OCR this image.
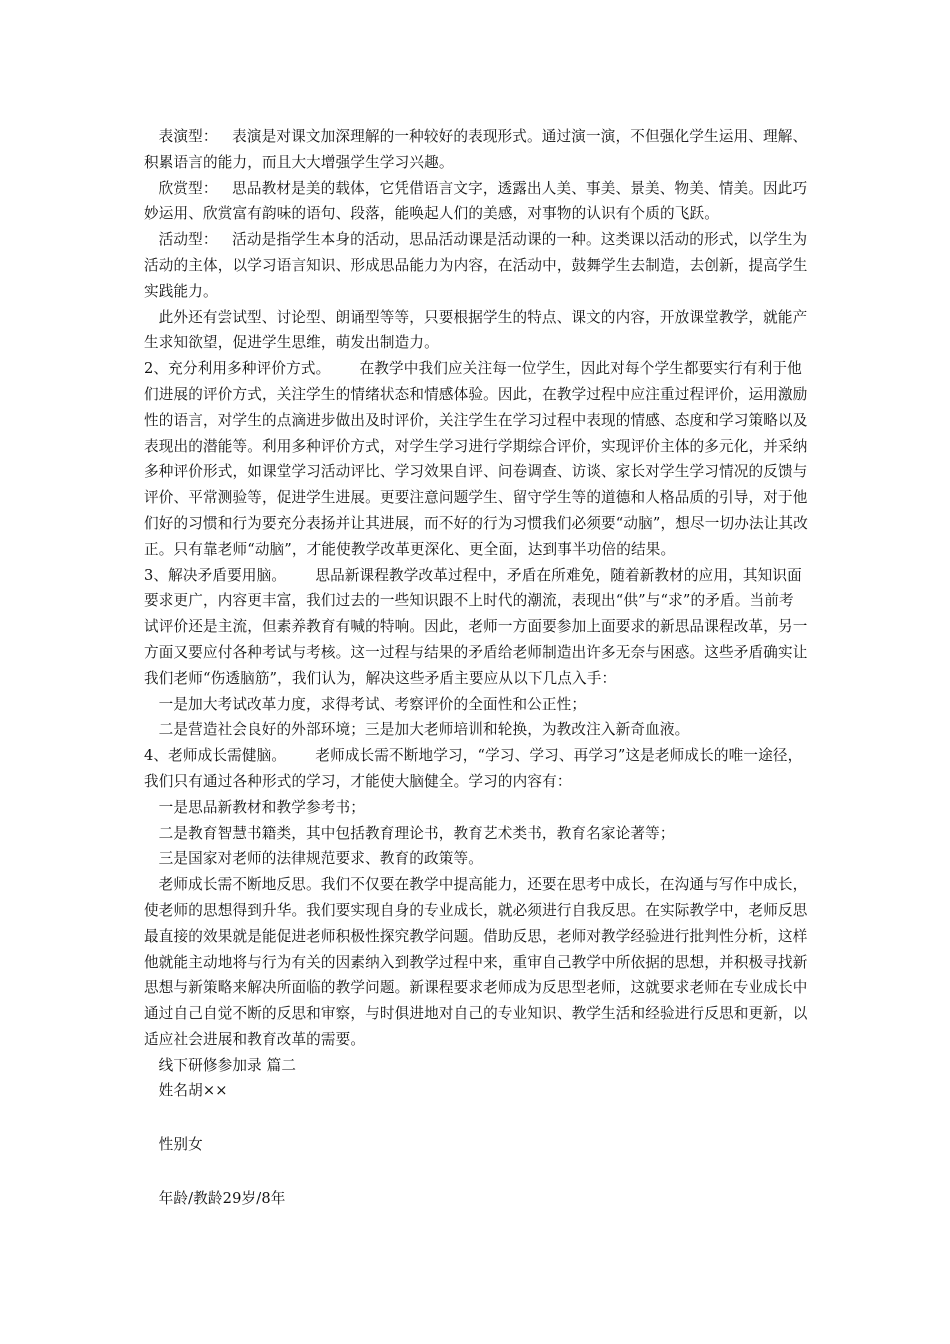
表演型： 表演是对课文加深理解的一种较好的表现形式。通过演一演，不但强化学生运用、理解、积累语言的能力，而且大大增强学生学习兴趣。

欣赏型： 思品教材是美的载体，它凭借语言文字，透露出人美、事美、景美、物美、情美。因此巧妙运用、欣赏富有韵味的语句、段落，能唤起人们的美感，对事物的认识有个质的飞跃。

活动型： 活动是指学生本身的活动，思品活动课是活动课的一种。这类课以活动的形式，以学生为活动的主体，以学习语言知识、形成思品能力为内容，在活动中，鼓舞学生去制造，去创新，提高学生实践能力。

此外还有尝试型、讨论型、朗诵型等等，只要根据学生的特点、课文的内容，开放课堂教学，就能产生求知欲望，促进学生思维，萌发出制造力。

2、充分利用多种评价方式。 在教学中我们应关注每一位学生，因此对每个学生都要实行有利于他们进展的评价方式，关注学生的情绪状态和情感体验。因此，在教学过程中应注重过程评价，运用激励性的语言，对学生的点滴进步做出及时评价，关注学生在学习过程中表现的情感、态度和学习策略以及表现出的潜能等。利用多种评价方式，对学生学习进行学期综合评价，实现评价主体的多元化，并采纳多种评价形式，如课堂学习活动评比、学习效果自评、问卷调查、访谈、家长对学生学习情况的反馈与评价、平常测验等，促进学生进展。更要注意问题学生、留守学生等的道德和人格品质的引导，对于他们好的习惯和行为要充分表扬并让其进展，而不好的行为习惯我们必须要“动脑”，想尽一切办法让其改正。只有靠老师“动脑”，才能使教学改革更深化、更全面，达到事半功倍的结果。

3、解决矛盾要用脑。 思品新课程教学改革过程中，矛盾在所难免，随着新教材的应用，其知识面要求更广，内容更丰富，我们过去的一些知识跟不上时代的潮流，表现出“供”与“求”的矛盾。当前考试评价还是主流，但素养教育有喊的特响。因此，老师一方面要参加上面要求的新思品课程改革，另一方面又要应付各种考试与考核。这一过程与结果的矛盾给老师制造出许多无奈与困惑。这些矛盾确实让我们老师“伤透脑筋”，我们认为，解决这些矛盾主要应从以下几点入手：

一是加大考试改革力度，求得考试、考察评价的全面性和公正性；

二是营造社会良好的外部环境；三是加大老师培训和轮换，为教改注入新奇血液。

4、老师成长需健脑。 老师成长需不断地学习，“学习、学习、再学习”这是老师成长的唯一途径，我们只有通过各种形式的学习，才能使大脑健全。学习的内容有：

一是思品新教材和教学参考书；

二是教育智慧书籍类，其中包括教育理论书，教育艺术类书，教育名家论著等；

三是国家对老师的法律规范要求、教育的政策等。

老师成长需不断地反思。我们不仅要在教学中提高能力，还要在思考中成长，在沟通与写作中成长，使老师的思想得到升华。我们要实现自身的专业成长，就必须进行自我反思。在实际教学中，老师反思最直接的效果就是能促进老师积极性探究教学问题。借助反思，老师对教学经验进行批判性分析，这样他就能主动地将与行为有关的因素纳入到教学过程中来，重审自己教学中所依据的思想，并积极寻找新思想与新策略来解决所面临的教学问题。新课程要求老师成为反思型老师，这就要求老师在专业成长中通过自己自觉不断的反思和审察，与时俱进地对自己的专业知识、教学生活和经验进行反思和更新，以适应社会进展和教育改革的需要。

线下研修参加录 篇二

姓名胡××

性别女

年龄/教龄29岁/8年
